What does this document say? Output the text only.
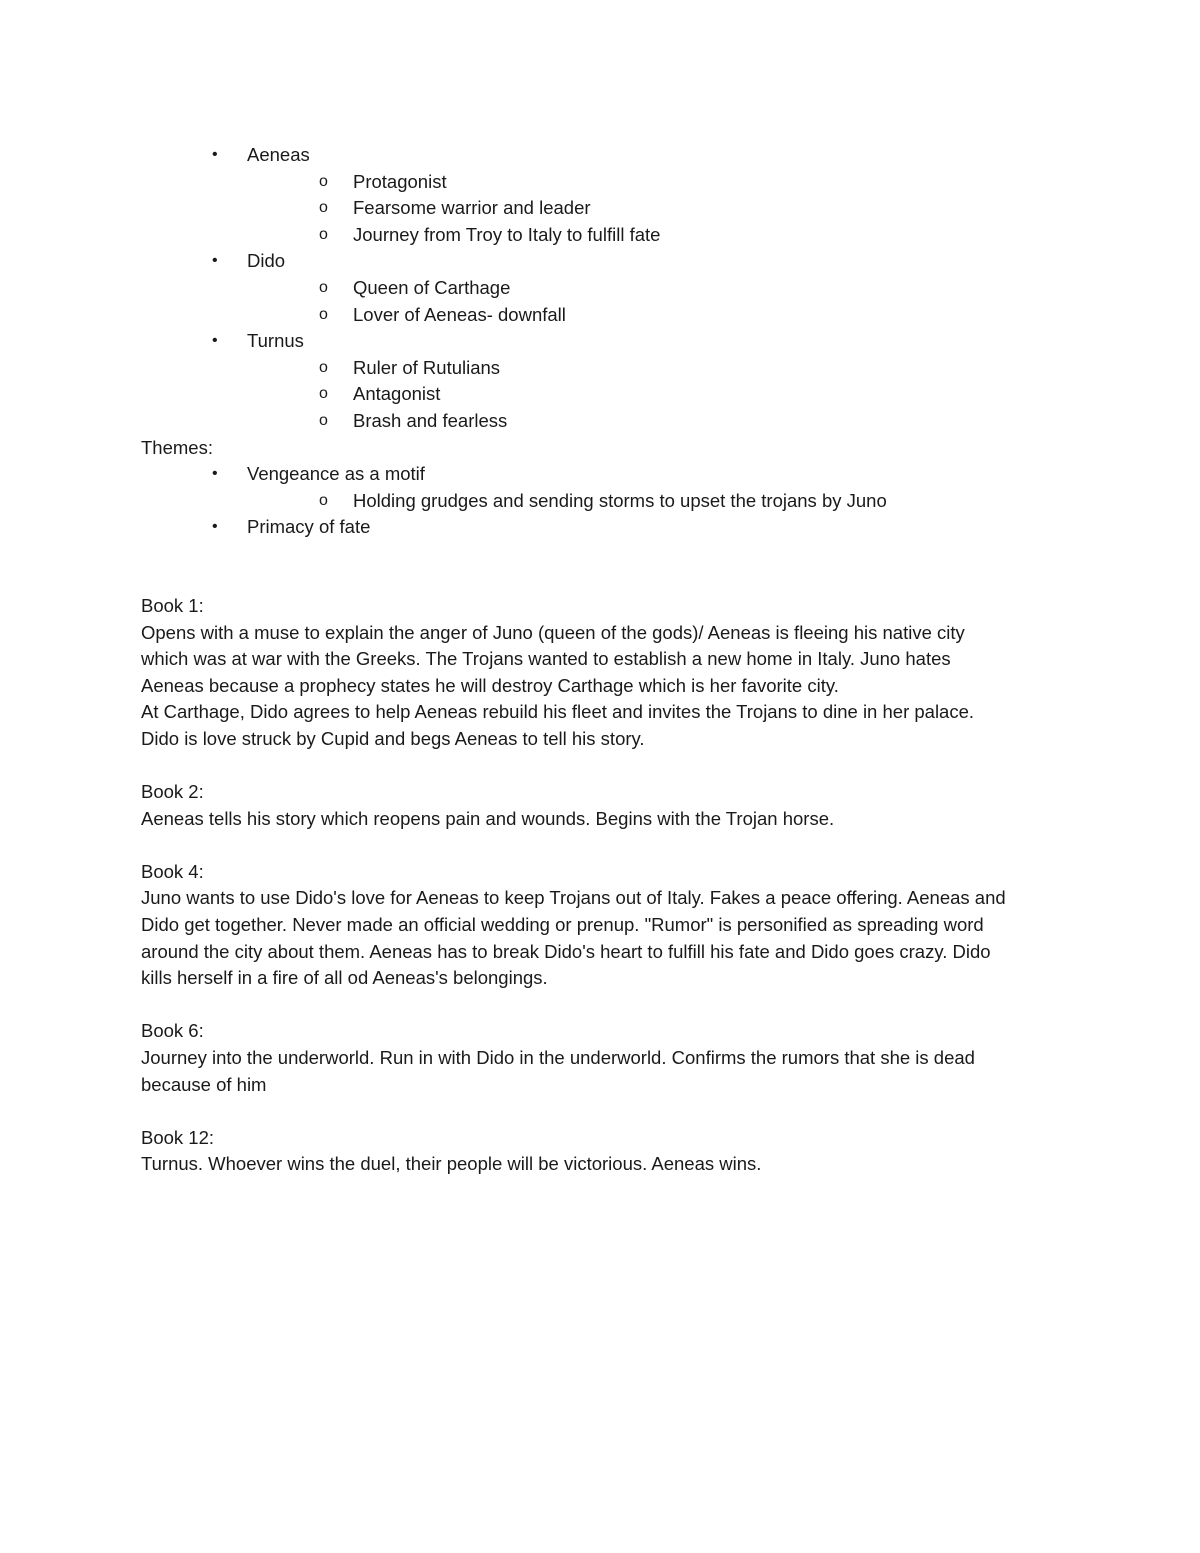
• Aeneas
o Protagonist
o Fearsome warrior and leader
o Journey from Troy to Italy to fulfill fate
• Dido
o Queen of Carthage
o Lover of Aeneas- downfall
• Turnus
o Ruler of Rutulians
o Antagonist
o Brash and fearless
Themes:
• Vengeance as a motif
o Holding grudges and sending storms to upset the trojans by Juno
• Primacy of fate
Book 1:
Opens with a muse to explain the anger of Juno (queen of the gods)/ Aeneas is fleeing his native city
which was at war with the Greeks. The Trojans wanted to establish a new home in Italy. Juno hates
Aeneas because a prophecy states he will destroy Carthage which is her favorite city.
At Carthage, Dido agrees to help Aeneas rebuild his fleet and invites the Trojans to dine in her palace.
Dido is love struck by Cupid and begs Aeneas to tell his story.
Book 2:
Aeneas tells his story which reopens pain and wounds. Begins with the Trojan horse.
Book 4:
Juno wants to use Dido's love for Aeneas to keep Trojans out of Italy. Fakes a peace offering. Aeneas and
Dido get together. Never made an official wedding or prenup. "Rumor" is personified as spreading word
around the city about them. Aeneas has to break Dido's heart to fulfill his fate and Dido goes crazy. Dido
kills herself in a fire of all od Aeneas's belongings.
Book 6:
Journey into the underworld. Run in with Dido in the underworld. Confirms the rumors that she is dead
because of him
Book 12:
Turnus. Whoever wins the duel, their people will be victorious. Aeneas wins.
